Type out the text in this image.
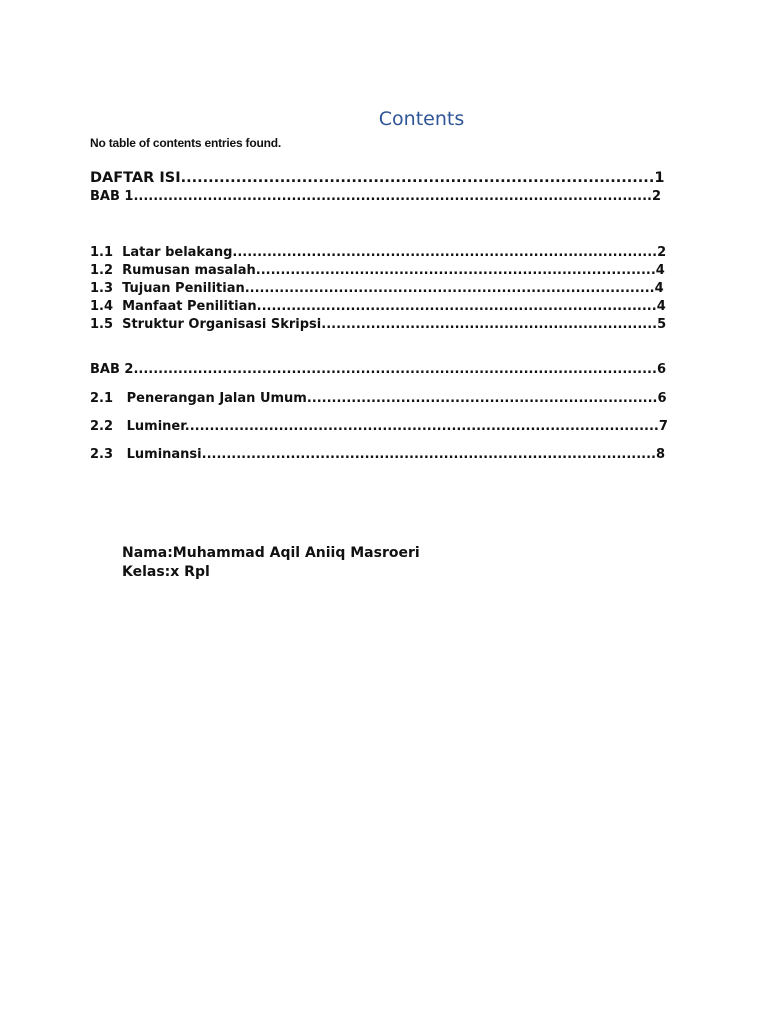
Contents
No table of contents entries found.
DAFTAR ISI......................................................................................1
BAB 1.........................................................................................................2
1.1 Latar belakang......................................................................................2
1.2 Rumusan masalah.................................................................................4
1.3 Tujuan Penilitian...................................................................................4
1.4 Manfaat Penilitian.................................................................................4
1.5 Struktur Organisasi Skripsi....................................................................5
BAB 2..........................................................................................................6
2.1 Penerangan Jalan Umum.......................................................................6
2.2 Luminer................................................................................................7
2.3 Luminansi............................................................................................8
Nama:Muhammad Aqil Aniiq Masroeri
Kelas:x Rpl
